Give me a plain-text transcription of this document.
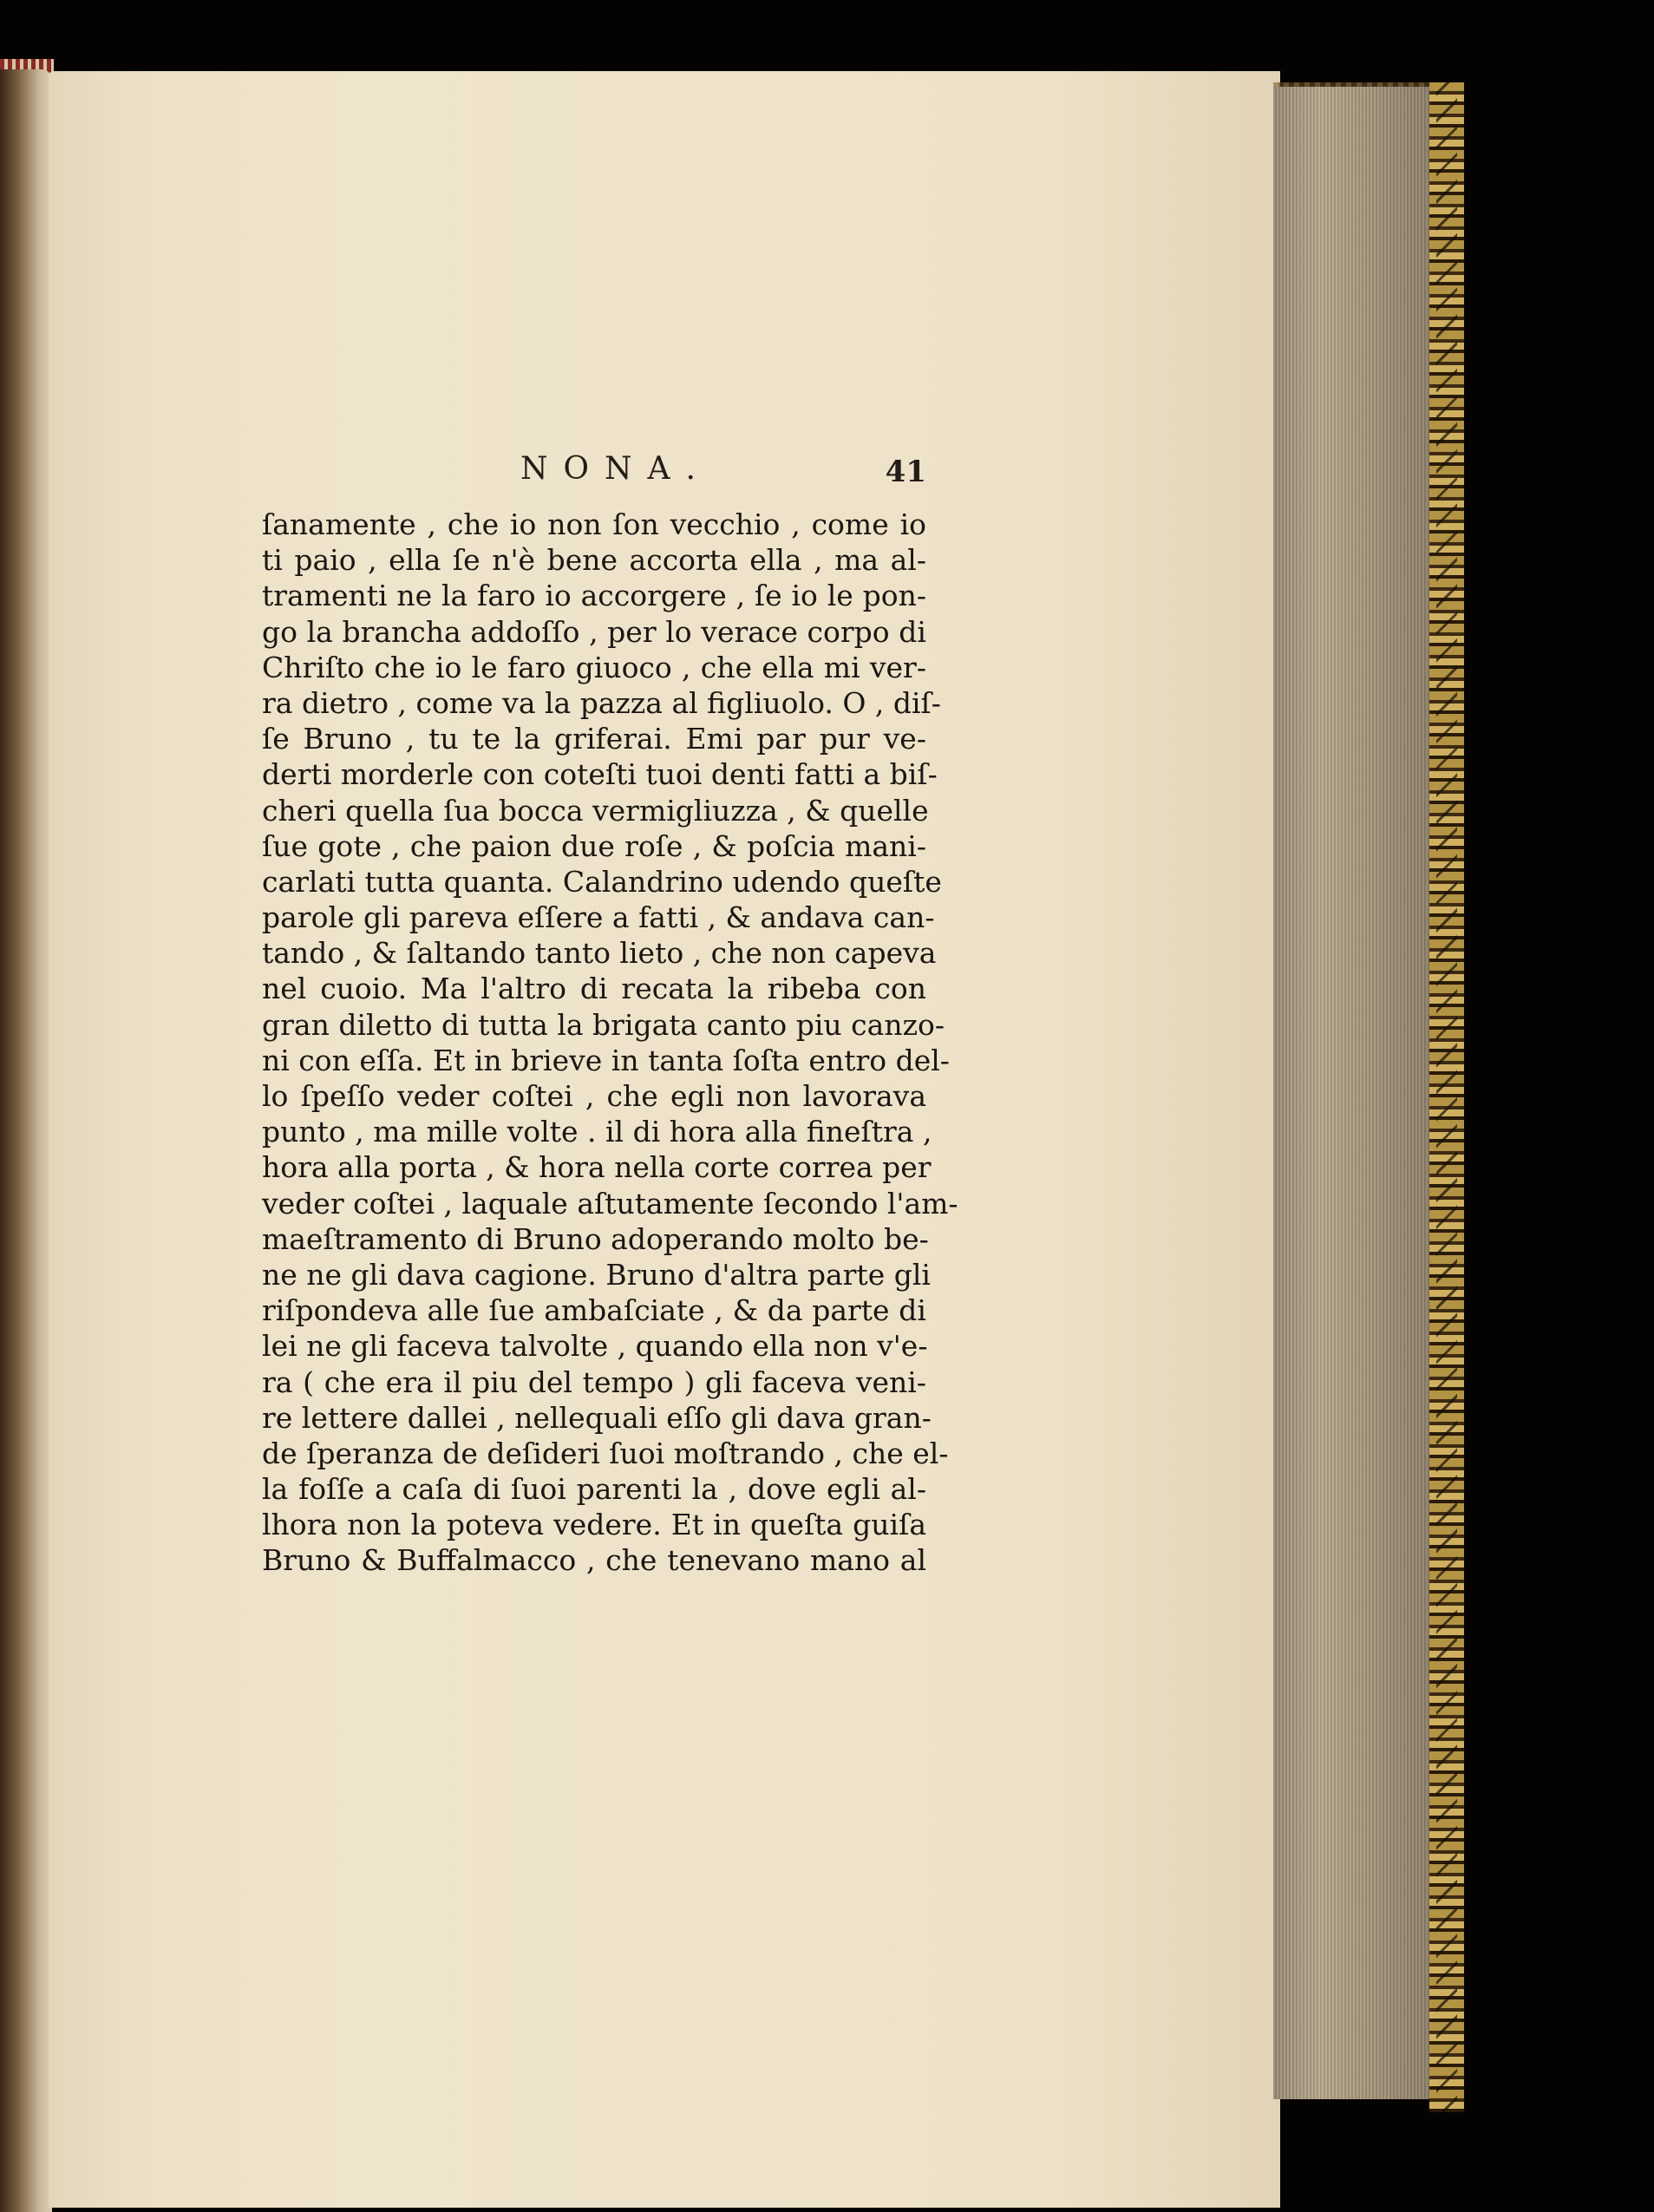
NONA.	41
ſanamente , che io non ſon vecchio , come io
ti paio , ella ſe n'è bene accorta ella , ma al-
tramenti ne la faro io accorgere , ſe io le pon-
go la brancha addoſſo , per lo verace corpo di
Chriſto che io le faro giuoco , che ella mi ver-
ra dietro , come va la pazza al figliuolo. O , diſ-
ſe Bruno , tu te la griferai. Emi par pur ve-
derti morderle con coteſti tuoi denti fatti a biſ-
cheri quella ſua bocca vermigliuzza , & quelle
ſue gote , che paion due roſe , & poſcia mani-
carlati tutta quanta. Calandrino udendo queſte
parole gli pareva eſſere a fatti , & andava can-
tando , & ſaltando tanto lieto , che non capeva
nel cuoio. Ma l'altro di recata la ribeba con
gran diletto di tutta la brigata canto piu canzo-
ni con eſſa. Et in brieve in tanta ſoſta entro del-
lo ſpeſſo veder coſtei , che egli non lavorava
punto , ma mille volte . il di hora alla fineſtra ,
hora alla porta , & hora nella corte correa per
veder coſtei , laquale aſtutamente ſecondo l'am-
maeſtramento di Bruno adoperando molto be-
ne ne gli dava cagione. Bruno d'altra parte gli
riſpondeva alle ſue ambaſciate , & da parte di
lei ne gli faceva talvolte , quando ella non v'e-
ra ( che era il piu del tempo ) gli faceva veni-
re lettere dallei , nellequali eſſo gli dava gran-
de ſperanza de deſideri ſuoi moſtrando , che el-
la foſſe a caſa di ſuoi parenti la , dove egli al-
lhora non la poteva vedere. Et in queſta guiſa
Bruno & Buffalmacco , che tenevano mano al
